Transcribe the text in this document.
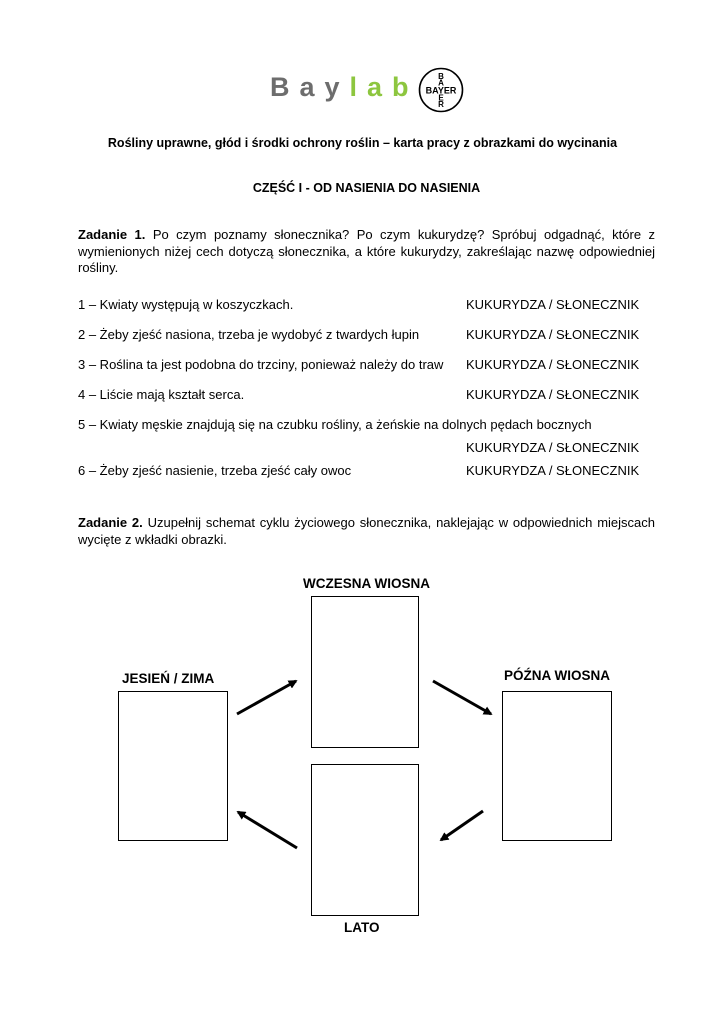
Baylab BAYER
B
A
E
R
Rośliny uprawne, głód i środki ochrony roślin – karta pracy z obrazkami do wycinania
CZĘŚĆ I - OD NASIENIA DO NASIENIA
Zadanie 1. Po czym poznamy słonecznika? Po czym kukurydzę? Spróbuj odgadnąć, które z wymienionych niżej cech dotyczą słonecznika, a które kukurydzy, zakreślając nazwę odpowiedniej rośliny.
1 – Kwiaty występują w koszyczkach.	KUKURYDZA / SŁONECZNIK
2 – Żeby zjeść nasiona, trzeba je wydobyć z twardych łupin	KUKURYDZA / SŁONECZNIK
3 – Roślina ta jest podobna do trzciny, ponieważ należy do traw KUKURYDZA / SŁONECZNIK
4 – Liście mają kształt serca.	KUKURYDZA / SŁONECZNIK
5 – Kwiaty męskie znajdują się na czubku rośliny, a żeńskie na dolnych pędach bocznych
KUKURYDZA / SŁONECZNIK
6 – Żeby zjeść nasienie, trzeba zjeść cały owoc	KUKURYDZA / SŁONECZNIK
Zadanie 2. Uzupełnij schemat cyklu życiowego słonecznika, naklejając w odpowiednich miejscach wycięte z wkładki obrazki.
WCZESNA WIOSNA
JESIEŃ / ZIMA	PÓŹNA WIOSNA
LATO
